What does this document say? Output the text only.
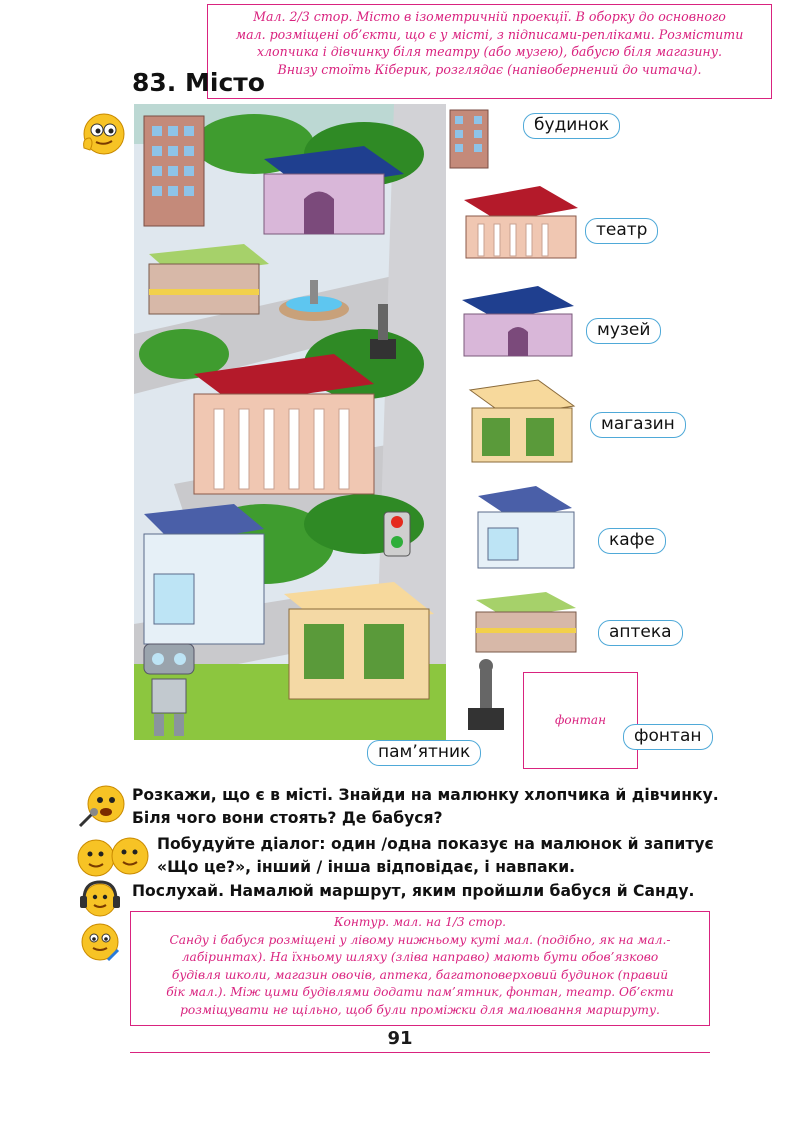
Мал. 2/3 стор. Місто в ізометричній проекції. В оборку до основного
мал. розміщені об’єкти, що є у місті, з підписами-репліками. Розмістити
хлопчика і дівчинку біля театру (або музею), бабусю біля магазину.
Внизу стоїть Кіберик, розглядає (напівобернений до читача).
83. Місто
будинок
театр
музей
магазин
кафе
аптека
фонтан
фонтан
пам’ятник
Розкажи, що є в місті. Знайди на малюнку хлопчика й дівчинку.
Біля чого вони стоять? Де бабуся?
Побудуйте діалог: один /одна показує на малюнок й запитує
«Що це?», інший / інша відповідає, і навпаки.
Послухай. Намалюй маршрут, яким пройшли бабуся й Санду.
Контур. мал. на 1/3 стор.
Санду і бабуся розміщені у лівому нижньому куті мал. (подібно, як на мал.-
лабіринтах). На їхньому шляху (зліва направо) мають бути обов’язково
будівля школи, магазин овочів, аптека, багатоповерховий будинок (правий
бік мал.). Між цими будівлями додати пам’ятник, фонтан, театр. Об’єкти
розміщувати не щільно, щоб були проміжки для малювання маршруту.
91
